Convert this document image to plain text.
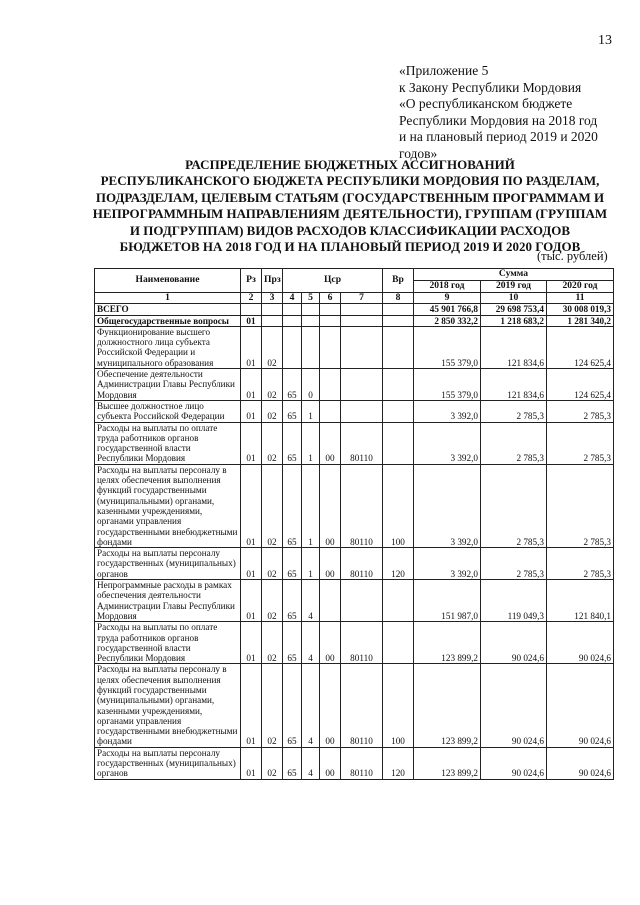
13
«Приложение 5
к Закону Республики Мордовия
«О республиканском бюджете
Республики Мордовия на 2018 год
и на плановый период 2019 и 2020
годов»
РАСПРЕДЕЛЕНИЕ БЮДЖЕТНЫХ АССИГНОВАНИЙ
РЕСПУБЛИКАНСКОГО БЮДЖЕТА РЕСПУБЛИКИ МОРДОВИЯ ПО РАЗДЕЛАМ,
ПОДРАЗДЕЛАМ, ЦЕЛЕВЫМ СТАТЬЯМ (ГОСУДАРСТВЕННЫМ ПРОГРАММАМ И
НЕПРОГРАММНЫМ НАПРАВЛЕНИЯМ ДЕЯТЕЛЬНОСТИ), ГРУППАМ (ГРУППАМ
И ПОДГРУППАМ) ВИДОВ РАСХОДОВ КЛАССИФИКАЦИИ РАСХОДОВ
БЮДЖЕТОВ НА 2018 ГОД И НА ПЛАНОВЫЙ ПЕРИОД 2019 И 2020 ГОДОВ
(тыс. рублей)
Наименование	Рз	Прз	Цср				Вр	Сумма		
								2018 год	2019 год	2020 год
1	2	3	4	5	6	7	8	9	10	11
ВСЕГО								45 901 766,8	29 698 753,4	30 008 019,3
Общегосударственные вопросы	01							2 850 332,2	1 218 683,2	1 281 340,2
Функционирование высшего должностного лица субъекта Российской Федерации и муниципального образования	01	02						155 379,0	121 834,6	124 625,4
Обеспечение деятельности Администрации Главы Республики Мордовия	01	02	65	0				155 379,0	121 834,6	124 625,4
Высшее должностное лицо субъекта Российской Федерации	01	02	65	1				3 392,0	2 785,3	2 785,3
Расходы на выплаты по оплате труда работников органов государственной власти Республики Мордовия	01	02	65	1	00	80110		3 392,0	2 785,3	2 785,3
Расходы на выплаты персоналу в целях обеспечения выполнения функций государственными (муниципальными) органами, казенными учреждениями, органами управления государственными внебюджетными фондами	01	02	65	1	00	80110	100	3 392,0	2 785,3	2 785,3
Расходы на выплаты персоналу государственных (муниципальных) органов	01	02	65	1	00	80110	120	3 392,0	2 785,3	2 785,3
Непрограммные расходы в рамках обеспечения деятельности Администрации Главы Республики Мордовия	01	02	65	4				151 987,0	119 049,3	121 840,1
Расходы на выплаты по оплате труда работников органов государственной власти Республики Мордовия	01	02	65	4	00	80110		123 899,2	90 024,6	90 024,6
Расходы на выплаты персоналу в целях обеспечения выполнения функций государственными (муниципальными) органами, казенными учреждениями, органами управления государственными внебюджетными фондами	01	02	65	4	00	80110	100	123 899,2	90 024,6	90 024,6
Расходы на выплаты персоналу государственных (муниципальных) органов	01	02	65	4	00	80110	120	123 899,2	90 024,6	90 024,6
